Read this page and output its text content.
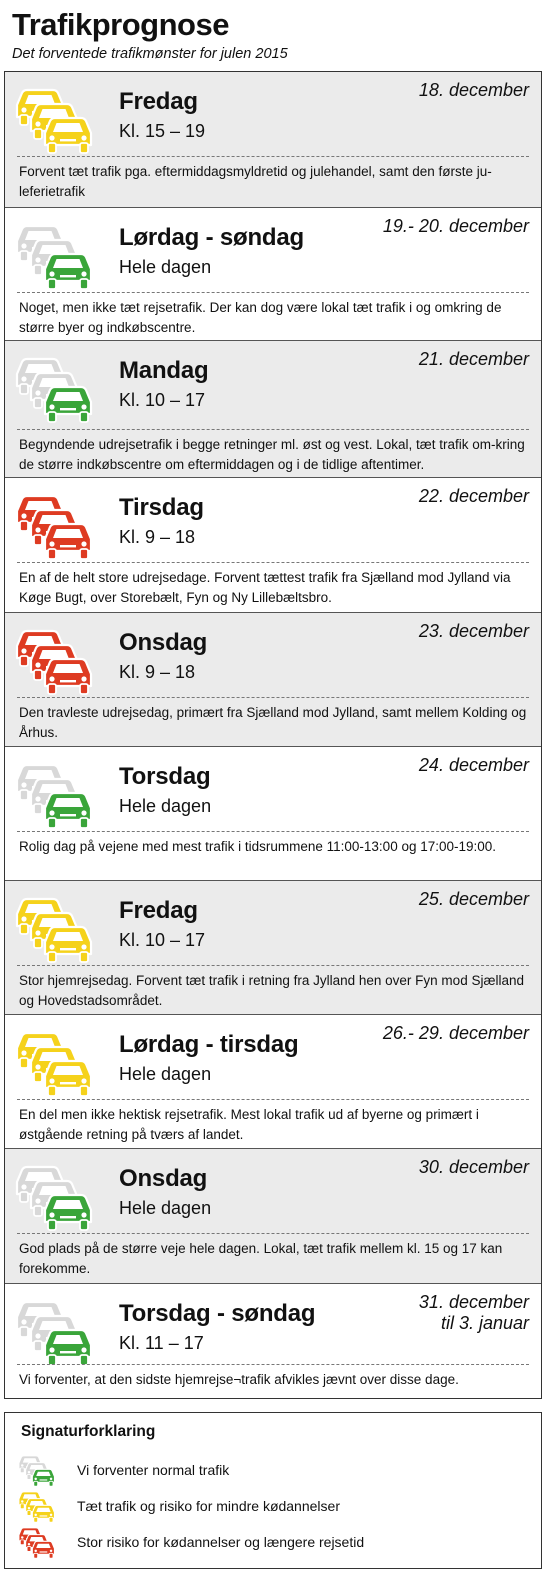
Trafikprognose
Det forventede trafikmønster for julen 2015
Fredag
Kl. 15 – 19
18. december
Forvent tæt trafik pga. eftermiddagsmyldretid og julehandel, samt den første ju-leferietrafik
Lørdag - søndag
Hele dagen
19.- 20. december
Noget, men ikke tæt rejsetrafik. Der kan dog være lokal tæt trafik i og omkring de større byer og indkøbscentre.
Mandag
Kl. 10 – 17
21. december
Begyndende udrejsetrafik i begge retninger ml. øst og vest. Lokal, tæt trafik om-kring de større indkøbscentre om eftermiddagen og i de tidlige aftentimer.
Tirsdag
Kl. 9 – 18
22. december
En af de helt store udrejsedage. Forvent tættest trafik fra Sjælland mod Jylland via Køge Bugt, over Storebælt, Fyn og Ny Lillebæltsbro.
Onsdag
Kl. 9 – 18
23. december
Den travleste udrejsedag, primært fra Sjælland mod Jylland, samt mellem Kolding og Århus.
Torsdag
Hele dagen
24. december
Rolig dag på vejene med mest trafik i tidsrummene 11:00-13:00 og 17:00-19:00.
Fredag
Kl. 10 – 17
25. december
Stor hjemrejsedag. Forvent tæt trafik i retning fra Jylland hen over Fyn mod Sjælland og Hovedstadsområdet.
Lørdag - tirsdag
Hele dagen
26.- 29. december
En del men ikke hektisk rejsetrafik. Mest lokal trafik ud af byerne og primært i østgående retning på tværs af landet.
Onsdag
Hele dagen
30. december
God plads på de større veje hele dagen. Lokal, tæt trafik mellem kl. 15 og 17 kan forekomme.
Torsdag - søndag
Kl. 11 – 17
31. december
til 3. januar
Vi forventer, at den sidste hjemrejse¬trafik afvikles jævnt over disse dage.
Signaturforklaring
Vi forventer normal trafik
Tæt trafik og risiko for mindre kødannelser
Stor risiko for kødannelser og længere rejsetid
